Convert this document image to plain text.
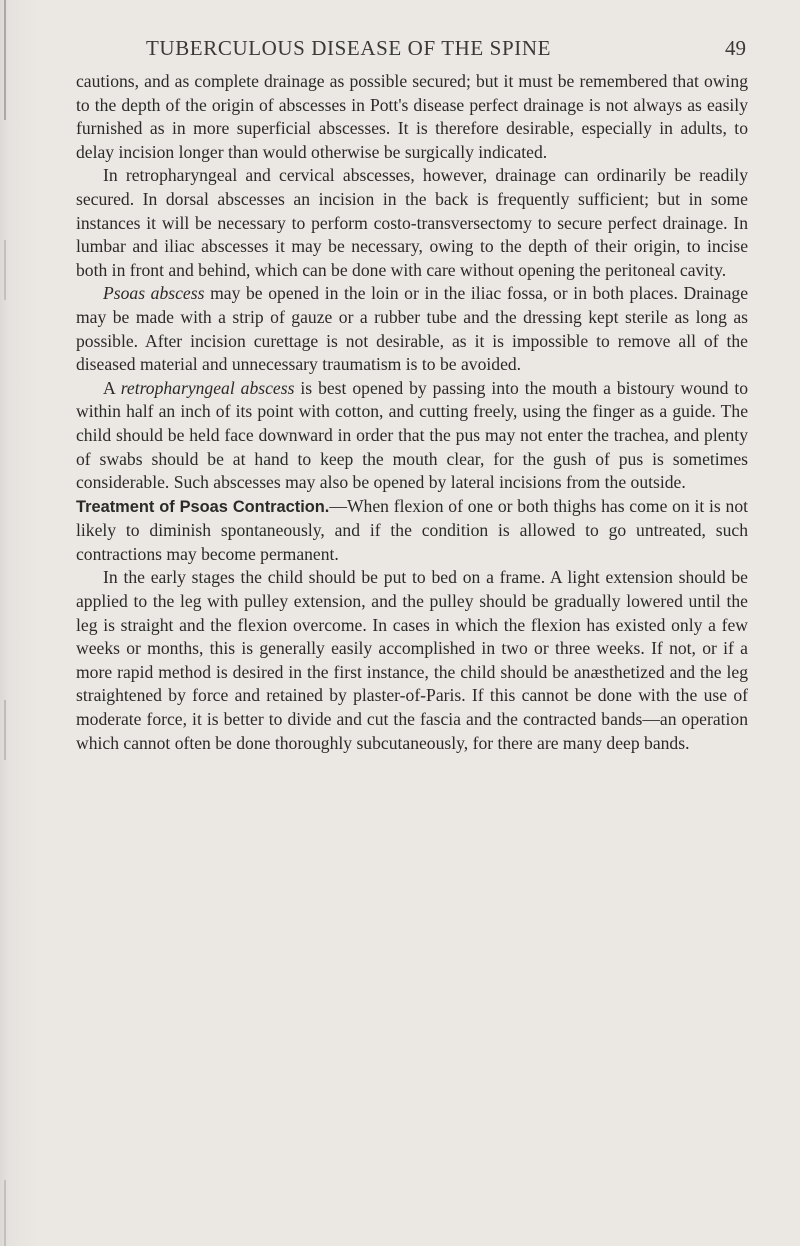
TUBERCULOUS DISEASE OF THE SPINE	49

cautions, and as complete drainage as possible secured; but it must be remembered that owing to the depth of the origin of abscesses in Pott's disease perfect drainage is not always as easily furnished as in more superficial abscesses. It is therefore desirable, especially in adults, to delay incision longer than would otherwise be surgically indicated.

In retropharyngeal and cervical abscesses, however, drainage can ordinarily be readily secured. In dorsal abscesses an incision in the back is frequently sufficient; but in some instances it will be necessary to perform costo-transversectomy to secure perfect drainage. In lumbar and iliac abscesses it may be necessary, owing to the depth of their origin, to incise both in front and behind, which can be done with care without opening the peritoneal cavity.

Psoas abscess may be opened in the loin or in the iliac fossa, or in both places. Drainage may be made with a strip of gauze or a rubber tube and the dressing kept sterile as long as possible. After incision curettage is not desirable, as it is impossible to remove all of the diseased material and unnecessary traumatism is to be avoided.

A retropharyngeal abscess is best opened by passing into the mouth a bistoury wound to within half an inch of its point with cotton, and cutting freely, using the finger as a guide. The child should be held face downward in order that the pus may not enter the trachea, and plenty of swabs should be at hand to keep the mouth clear, for the gush of pus is sometimes considerable. Such abscesses may also be opened by lateral incisions from the outside.

Treatment of Psoas Contraction.—When flexion of one or both thighs has come on it is not likely to diminish spontaneously, and if the condition is allowed to go untreated, such contractions may become permanent.

In the early stages the child should be put to bed on a frame. A light extension should be applied to the leg with pulley extension, and the pulley should be gradually lowered until the leg is straight and the flexion overcome. In cases in which the flexion has existed only a few weeks or months, this is generally easily accomplished in two or three weeks. If not, or if a more rapid method is desired in the first instance, the child should be anæsthetized and the leg straightened by force and retained by plaster-of-Paris. If this cannot be done with the use of moderate force, it is better to divide and cut the fascia and the contracted bands—an operation which cannot often be done thoroughly subcutaneously, for there are many deep bands.
